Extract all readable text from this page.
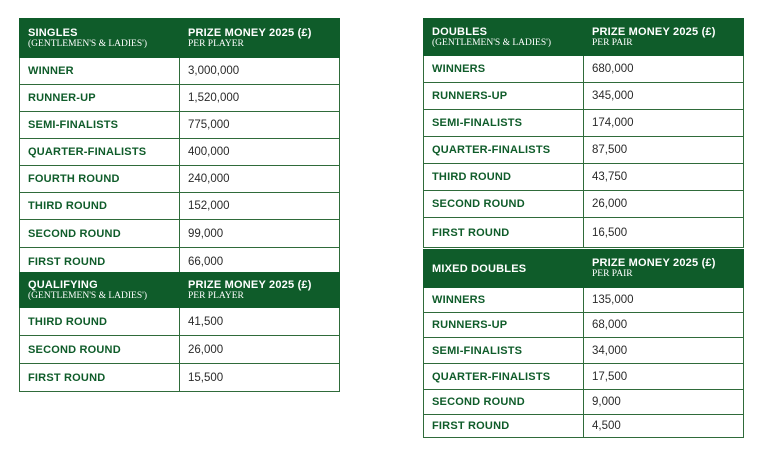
SINGLES
(GENTLEMEN'S & LADIES')	PRIZE MONEY 2025 (£)
PER PLAYER

WINNER	3,000,000
RUNNER-UP	1,520,000
SEMI-FINALISTS	775,000
QUARTER-FINALISTS	400,000
FOURTH ROUND	240,000
THIRD ROUND	152,000
SECOND ROUND	99,000
FIRST ROUND	66,000
QUALIFYING
(GENTLEMEN'S & LADIES')	PRIZE MONEY 2025 (£)
PER PLAYER

THIRD ROUND	41,500
SECOND ROUND	26,000
FIRST ROUND	15,500
DOUBLES
(GENTLEMEN'S & LADIES')	PRIZE MONEY 2025 (£)
PER PAIR

WINNERS	680,000
RUNNERS-UP	345,000
SEMI-FINALISTS	174,000
QUARTER-FINALISTS	87,500
THIRD ROUND	43,750
SECOND ROUND	26,000
FIRST ROUND	16,500
MIXED DOUBLES	PRIZE MONEY 2025 (£)
PER PAIR

WINNERS	135,000
RUNNERS-UP	68,000
SEMI-FINALISTS	34,000
QUARTER-FINALISTS	17,500
SECOND ROUND	9,000
FIRST ROUND	4,500
